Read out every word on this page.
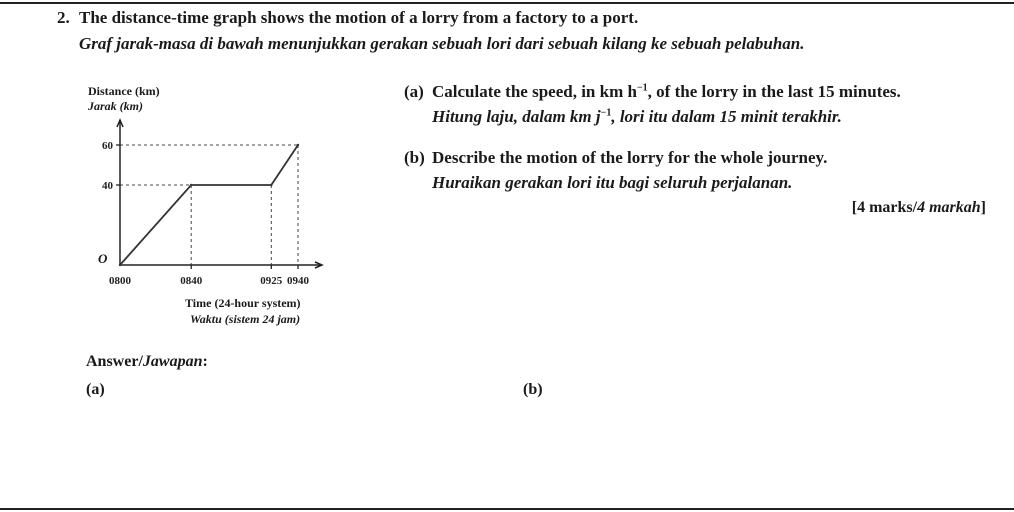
2. The distance-time graph shows the motion of a lorry from a factory to a port.
Graf jarak-masa di bawah menunjukkan gerakan sebuah lori dari sebuah kilang ke sebuah pelabuhan.
Distance (km)
Jarak (km)
Time (24-hour system)
Waktu (sistem 24 jam)
O
60
40
0800	0840	0925 0940
(a) Calculate the speed, in km $h^{-1}$, of the lorry in the last 15 minutes.
Hitung laju, dalam km $j^{-1}$, lori itu dalam 15 minit terakhir.
(b) Describe the motion of the lorry for the whole journey.
Huraikan gerakan lori itu bagi seluruh perjalanan.
[4 marks/4 markah]
Answer/Jawapan:
(a)	(b)
